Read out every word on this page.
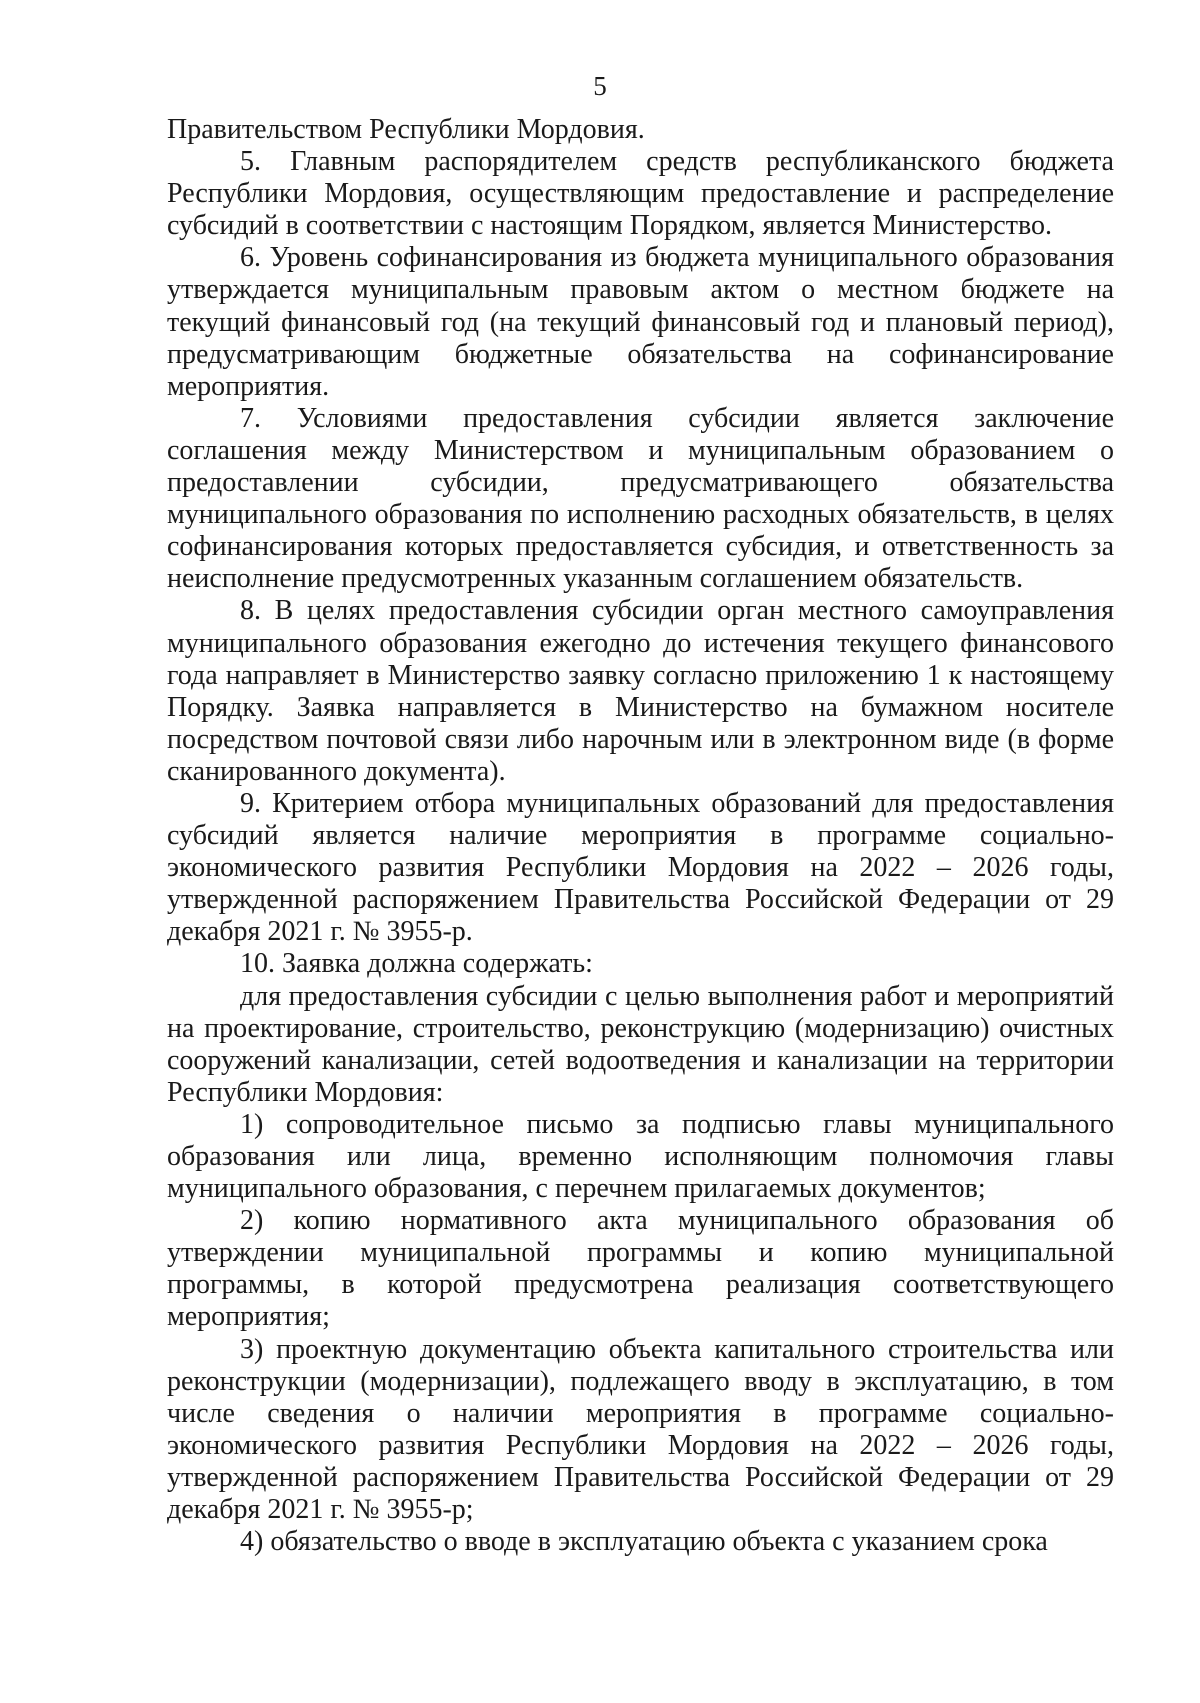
5

Правительством Республики Мордовия.

5. Главным распорядителем средств республиканского бюджета Республики Мордовия, осуществляющим предоставление и распределение субсидий в соответствии с настоящим Порядком, является Министерство.

6. Уровень софинансирования из бюджета муниципального образования утверждается муниципальным правовым актом о местном бюджете на текущий финансовый год (на текущий финансовый год и плановый период), предусматривающим бюджетные обязательства на софинансирование мероприятия.

7. Условиями предоставления субсидии является заключение соглашения между Министерством и муниципальным образованием о предоставлении субсидии, предусматривающего обязательства муниципального образования по исполнению расходных обязательств, в целях софинансирования которых предоставляется субсидия, и ответственность за неисполнение предусмотренных указанным соглашением обязательств.

8. В целях предоставления субсидии орган местного самоуправления муниципального образования ежегодно до истечения текущего финансового года направляет в Министерство заявку согласно приложению 1 к настоящему Порядку. Заявка направляется в Министерство на бумажном носителе посредством почтовой связи либо нарочным или в электронном виде (в форме сканированного документа).

9. Критерием отбора муниципальных образований для предоставления субсидий является наличие мероприятия в программе социально-экономического развития Республики Мордовия на 2022 – 2026 годы, утвержденной распоряжением Правительства Российской Федерации от 29 декабря 2021 г. № 3955-р.

10. Заявка должна содержать:

для предоставления субсидии с целью выполнения работ и мероприятий на проектирование, строительство, реконструкцию (модернизацию) очистных сооружений канализации, сетей водоотведения и канализации на территории Республики Мордовия:

1) сопроводительное письмо за подписью главы муниципального образования или лица, временно исполняющим полномочия главы муниципального образования, с перечнем прилагаемых документов;

2) копию нормативного акта муниципального образования об утверждении муниципальной программы и копию муниципальной программы, в которой предусмотрена реализация соответствующего мероприятия;

3) проектную документацию объекта капитального строительства или реконструкции (модернизации), подлежащего вводу в эксплуатацию, в том числе сведения о наличии мероприятия в программе социально-экономического развития Республики Мордовия на 2022 – 2026 годы, утвержденной распоряжением Правительства Российской Федерации от 29 декабря 2021 г. № 3955-р;

4) обязательство о вводе в эксплуатацию объекта с указанием срока
